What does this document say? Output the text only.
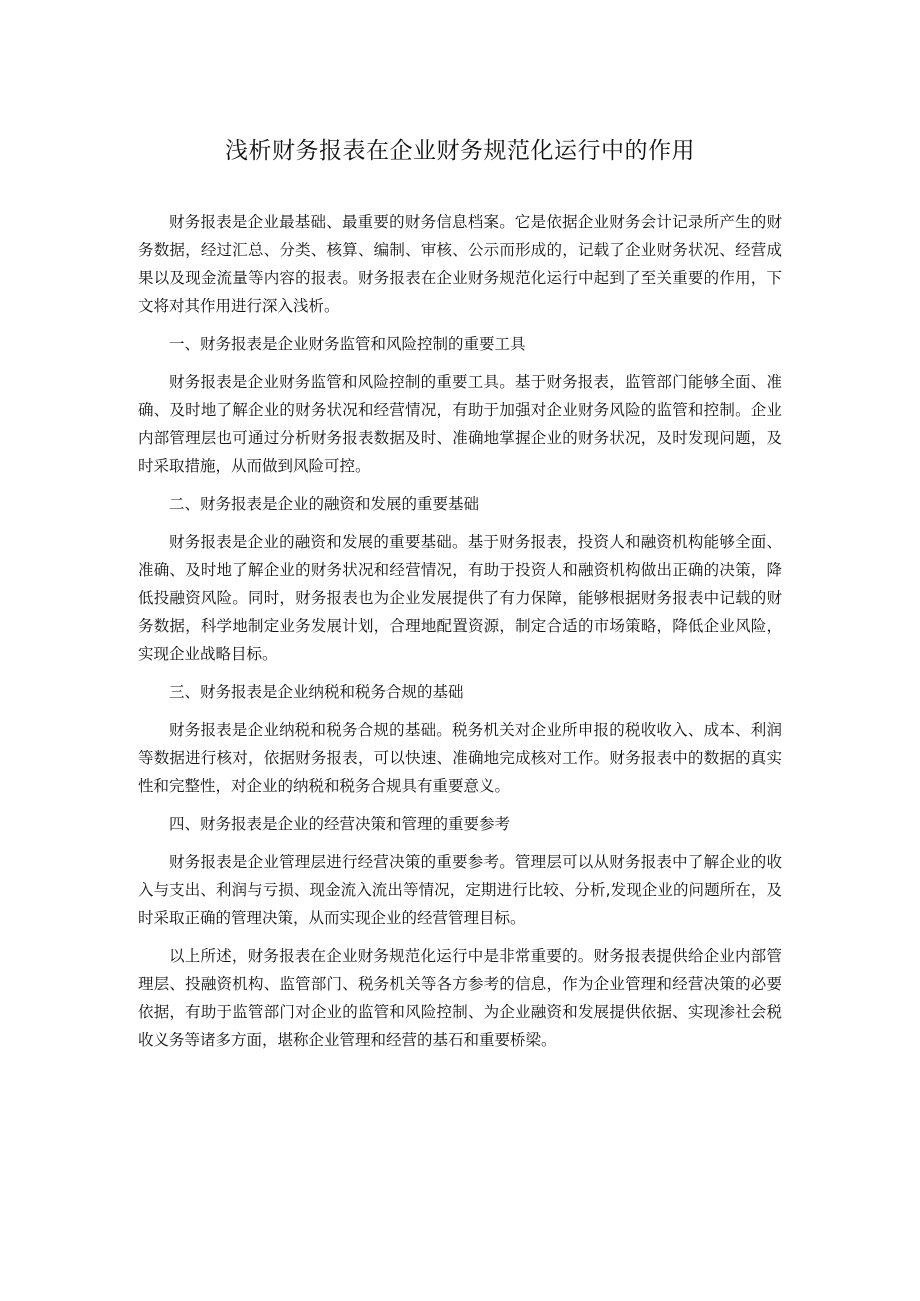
浅析财务报表在企业财务规范化运行中的作用

财务报表是企业最基础、最重要的财务信息档案。它是依据企业财务会计记录所产生的财务数据，经过汇总、分类、核算、编制、审核、公示而形成的，记载了企业财务状况、经营成果以及现金流量等内容的报表。财务报表在企业财务规范化运行中起到了至关重要的作用，下文将对其作用进行深入浅析。

一、财务报表是企业财务监管和风险控制的重要工具

财务报表是企业财务监管和风险控制的重要工具。基于财务报表，监管部门能够全面、准确、及时地了解企业的财务状况和经营情况，有助于加强对企业财务风险的监管和控制。企业内部管理层也可通过分析财务报表数据及时、准确地掌握企业的财务状况，及时发现问题，及时采取措施，从而做到风险可控。

二、财务报表是企业的融资和发展的重要基础

财务报表是企业的融资和发展的重要基础。基于财务报表，投资人和融资机构能够全面、准确、及时地了解企业的财务状况和经营情况，有助于投资人和融资机构做出正确的决策，降低投融资风险。同时，财务报表也为企业发展提供了有力保障，能够根据财务报表中记载的财务数据，科学地制定业务发展计划，合理地配置资源，制定合适的市场策略，降低企业风险，实现企业战略目标。

三、财务报表是企业纳税和税务合规的基础

财务报表是企业纳税和税务合规的基础。税务机关对企业所申报的税收收入、成本、利润等数据进行核对，依据财务报表，可以快速、准确地完成核对工作。财务报表中的数据的真实性和完整性，对企业的纳税和税务合规具有重要意义。

四、财务报表是企业的经营决策和管理的重要参考

财务报表是企业管理层进行经营决策的重要参考。管理层可以从财务报表中了解企业的收入与支出、利润与亏损、现金流入流出等情况，定期进行比较、分析,发现企业的问题所在，及时采取正确的管理决策，从而实现企业的经营管理目标。

以上所述，财务报表在企业财务规范化运行中是非常重要的。财务报表提供给企业内部管理层、投融资机构、监管部门、税务机关等各方参考的信息，作为企业管理和经营决策的必要依据，有助于监管部门对企业的监管和风险控制、为企业融资和发展提供依据、实现渗社会税收义务等诸多方面，堪称企业管理和经营的基石和重要桥梁。
